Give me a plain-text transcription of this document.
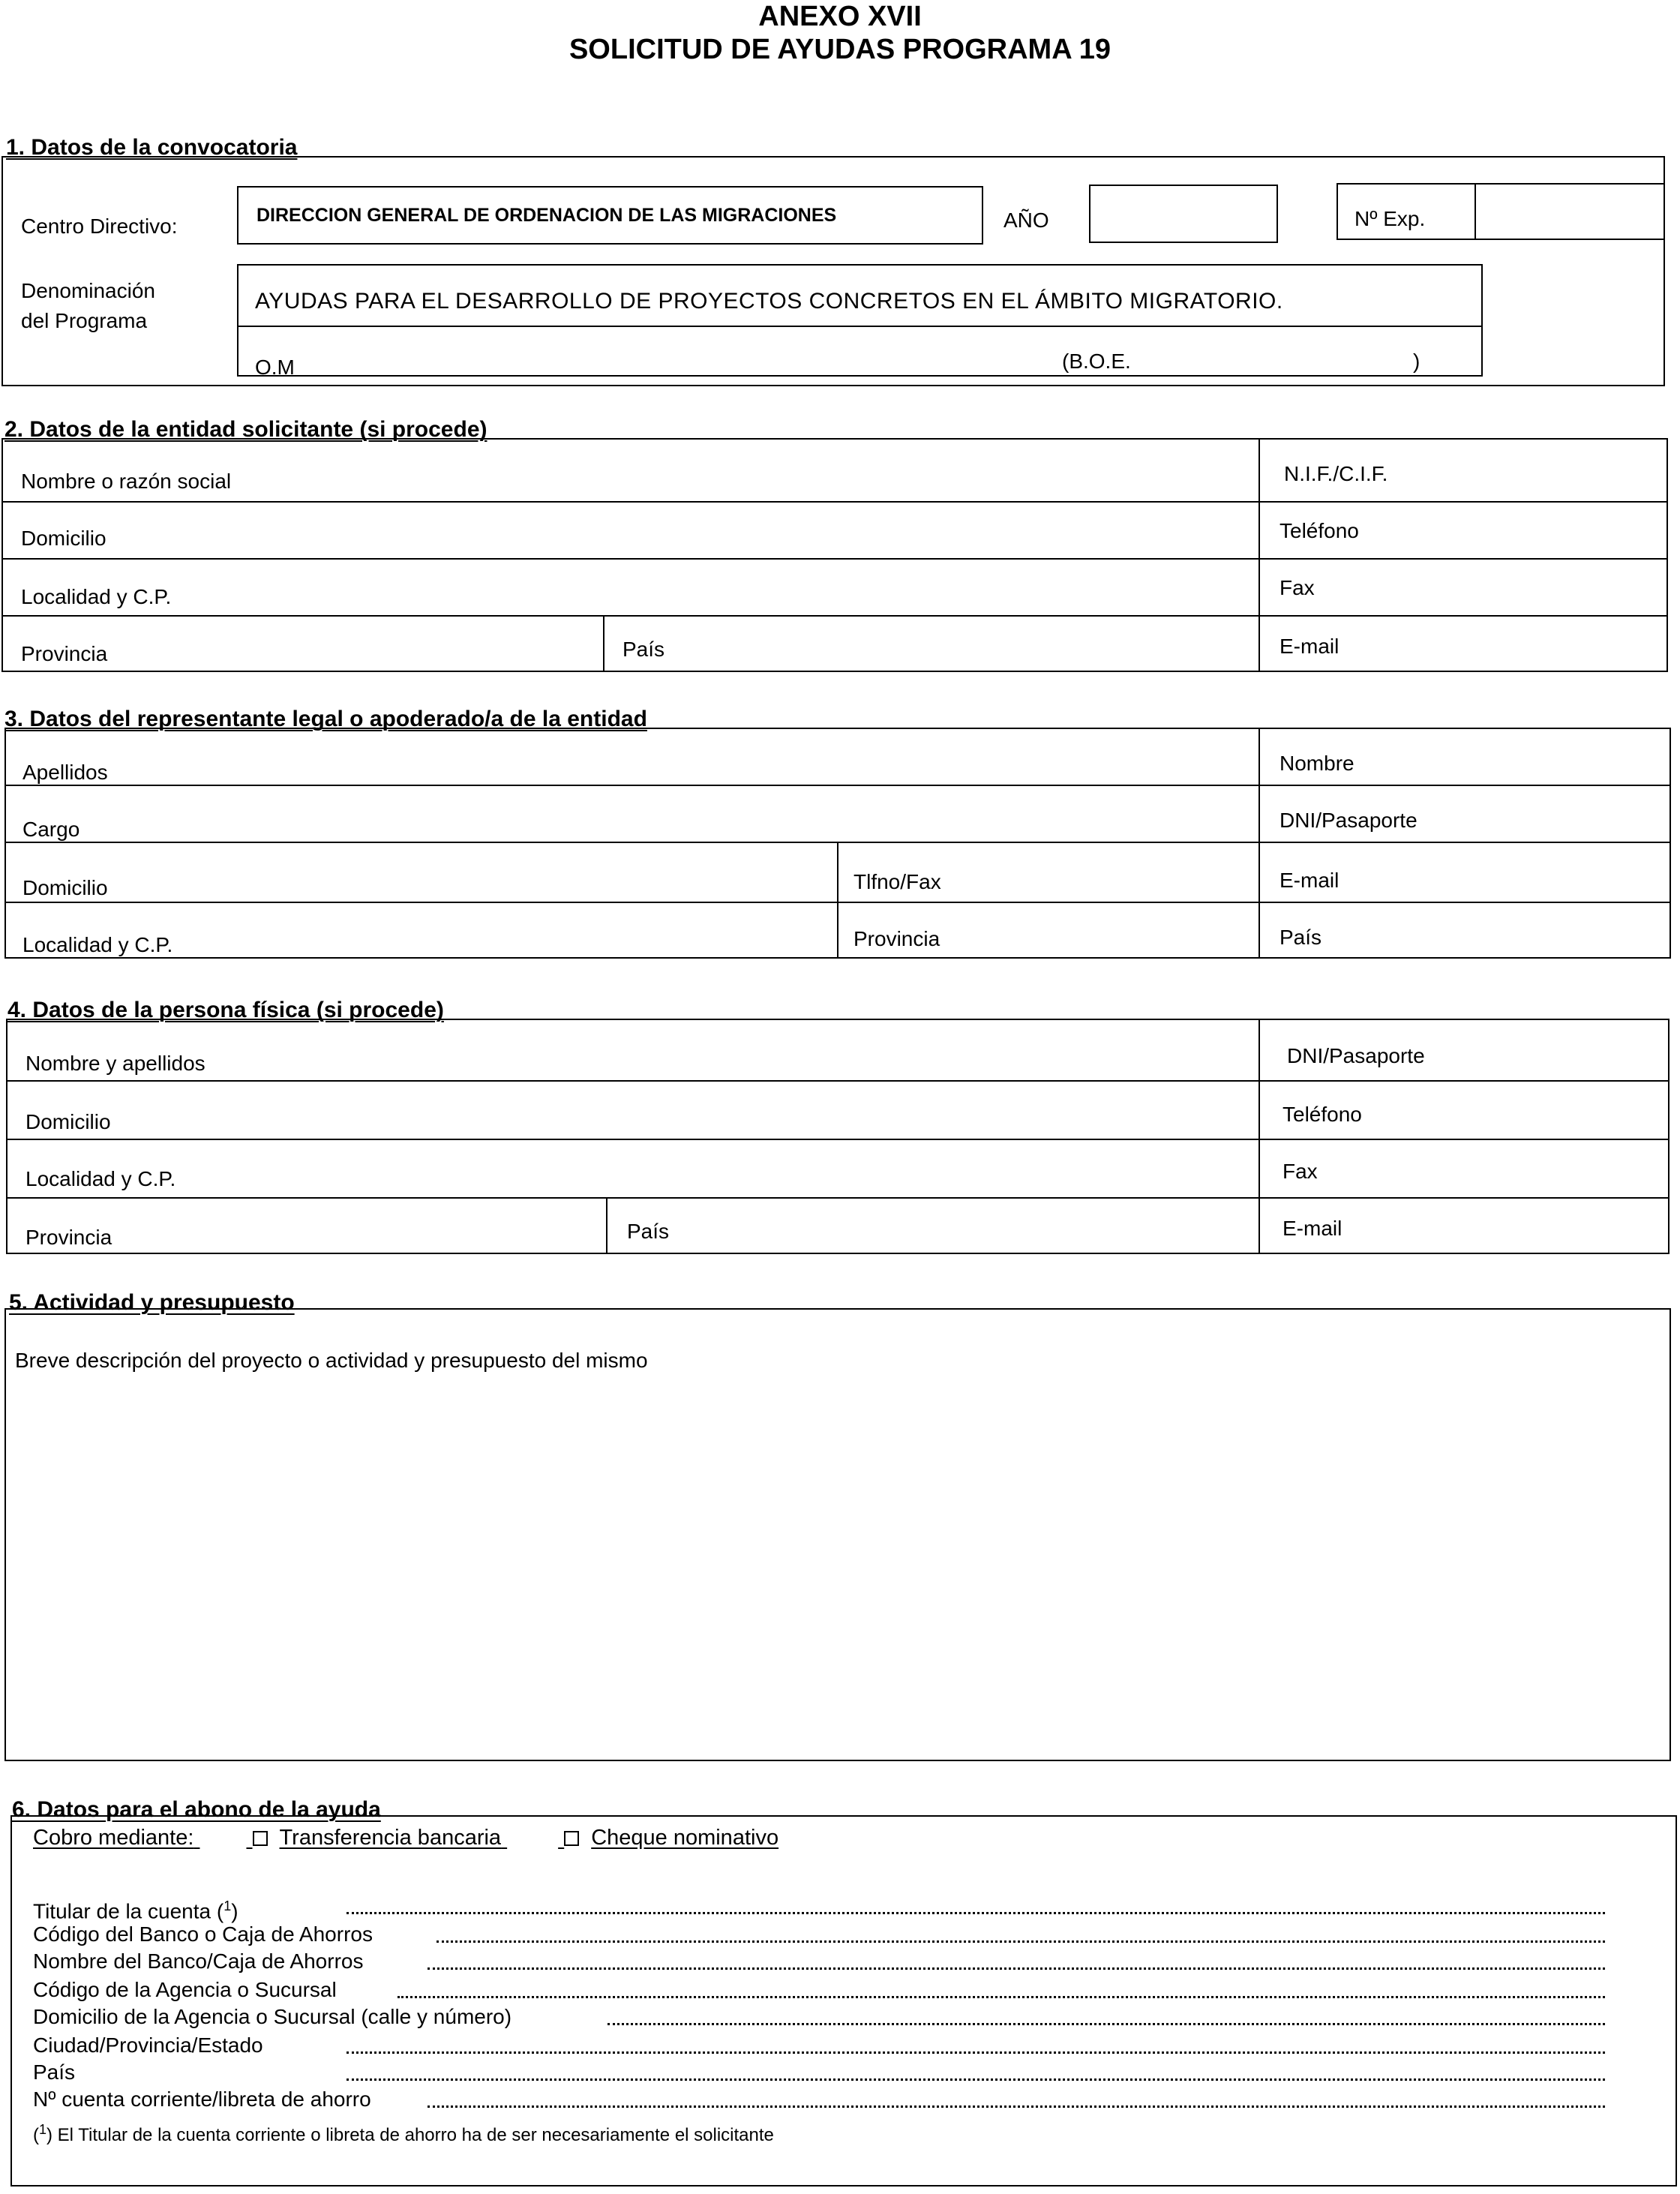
ANEXO XVII
SOLICITUD DE AYUDAS PROGRAMA 19
1. Datos de la convocatoria
Centro Directivo:	DIRECCION GENERAL DE ORDENACION DE LAS MIGRACIONES	AÑO	Nº Exp.
Denominación
del Programa
AYUDAS PARA EL DESARROLLO DE PROYECTOS CONCRETOS EN EL ÁMBITO MIGRATORIO.
O.M	(B.O.E.	)
2. Datos de la entidad solicitante (si procede)
Nombre o razón social	N.I.F./C.I.F.
Domicilio	Teléfono
Localidad y C.P.	Fax
Provincia	País	E-mail
3. Datos del representante legal o apoderado/a de la entidad
Apellidos	Nombre
Cargo	DNI/Pasaporte
Domicilio	Tlfno/Fax	E-mail
Localidad y C.P.	Provincia	País
4. Datos de la persona física (si procede)
Nombre y apellidos	DNI/Pasaporte
Domicilio	Teléfono
Localidad y C.P.	Fax
Provincia	País	E-mail
5. Actividad y presupuesto
Breve descripción del proyecto o actividad y presupuesto del mismo
6. Datos para el abono de la ayuda
Cobro mediante:	Transferencia bancaria	Cheque nominativo
Titular de la cuenta ($^1$)
Código del Banco o Caja de Ahorros
Nombre del Banco/Caja de Ahorros
Código de la Agencia o Sucursal
Domicilio de la Agencia o Sucursal (calle y número)
Ciudad/Provincia/Estado
País
Nº cuenta corriente/libreta de ahorro
($^1$) El Titular de la cuenta corriente o libreta de ahorro ha de ser necesariamente el solicitante
